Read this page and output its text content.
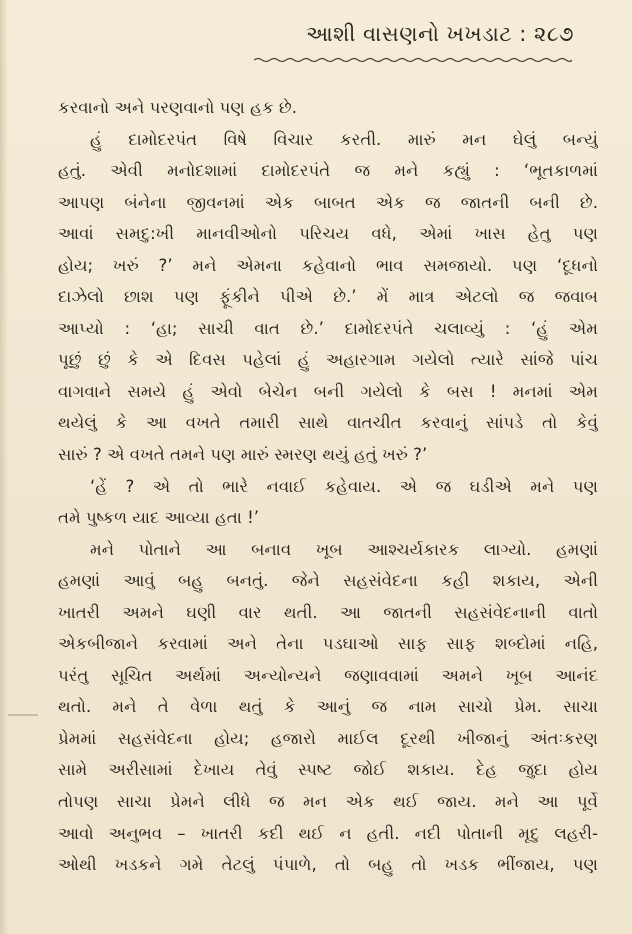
આશી વાસણનો ખખડાટ : ૨૮૭
કરવાનો અને પરણવાનો પણ હક છે.
હું દામોદરપંત વિષે વિચાર કરતી. મારું મન ઘેલું બન્યું
હતું. એવી મનોદશામાં દામોદરપંતે જ મને કહ્યું : ‘ભૂતકાળમાં
આપણ બંનેના જીવનમાં એક બાબત એક જ જાતની બની છે.
આવાં સમદુ:ખી માનવીઓનો પરિચય વધે, એમાં ખાસ હેતુ પણ
હોય; ખરું ?’ મને એમના કહેવાનો ભાવ સમજાયો. પણ ‘દૂધનો
દાઝેલો છાશ પણ ફૂંકીને પીએ છે.’ મેં માત્ર એટલો જ જવાબ
આપ્યો : ‘હા; સાચી વાત છે.’ દામોદરપંતે ચલાવ્યું : ‘હું એમ
પૂછું છું કે એ દિવસ પહેલાં હું અહારગામ ગયેલો ત્યારે સાંજે પાંચ
વાગવાને સમયે હું એવો બેચેન બની ગયેલો કે બસ ! મનમાં એમ
થયેલું કે આ વખતે તમારી સાથે વાતચીત કરવાનું સાંપડે તો કેવું
સારું ? એ વખતે તમને પણ મારું સ્મરણ થયું હતું ખરું ?’
‘હેં ? એ તો ભારે નવાઈ કહેવાય. એ જ ઘડીએ મને પણ
તમે પુષ્કળ યાદ આવ્યા હતા !’
મને પોતાને આ બનાવ ખૂબ આશ્ચર્યકારક લાગ્યો. હમણાં
હમણાં આવું બહુ બનતું. જેને સહસંવેદના કહી શકાય, એની
ખાતરી અમને ઘણી વાર થતી. આ જાતની સહસંવેદનાની વાતો
એકબીજાને કરવામાં અને તેના પડઘાઓ સાફ સાફ શબ્દોમાં નહિ,
પરંતુ સૂચિત અર્થમાં અન્યોન્યને જણાવવામાં અમને ખૂબ આનંદ
થતો. મને તે વેળા થતું કે આનું જ નામ સાચો પ્રેમ. સાચા
પ્રેમમાં સહસંવેદના હોય; હજારો માઈલ દૂરથી ખીજાનું અંતઃકરણ
સામે અરીસામાં દેખાય તેવું સ્પષ્ટ જોઈ શકાય. દેહ જુદા હોય
તોપણ સાચા પ્રેમને લીધે જ મન એક થઈ જાય. મને આ પૂર્વે
આવો અનુભવ – ખાતરી કદી થઈ ન હતી. નદી પોતાની મૃદુ લહરી-
ઓથી ખડકને ગમે તેટલું પંપાળે, તો બહુ તો ખડક ભીંજાય, પણ
